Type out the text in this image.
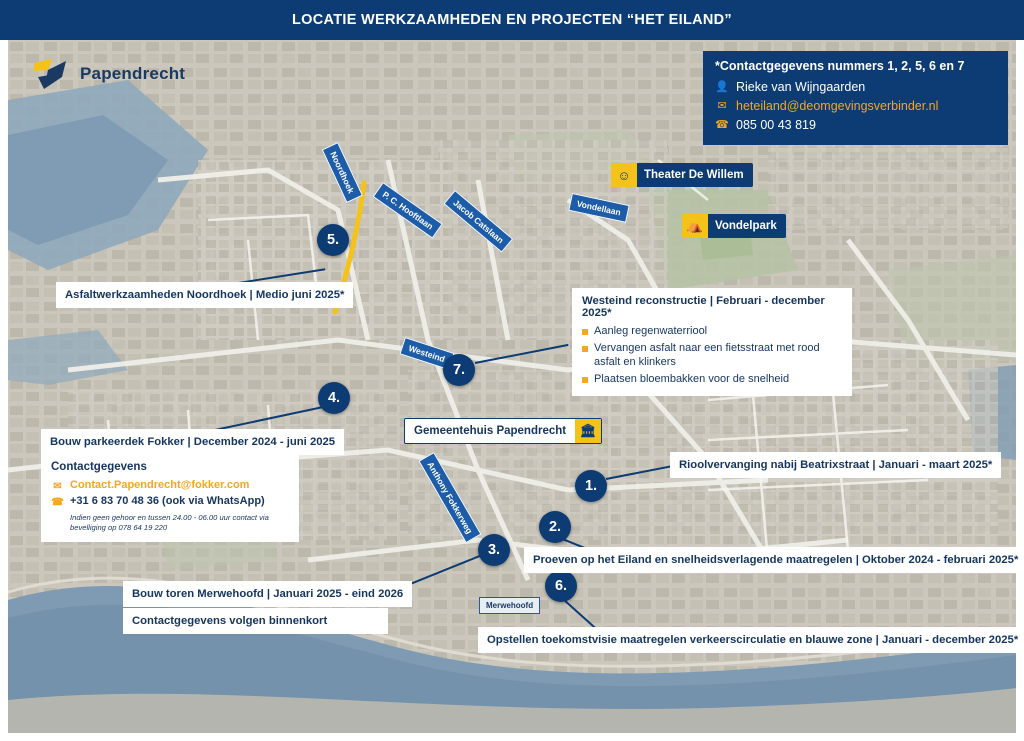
LOCATIE WERKZAAMHEDEN EN PROJECTEN “HET EILAND”
Papendrecht	*Contactgegevens nummers 1, 2, 5, 6 en 7
👤 Rieke van Wijngaarden
✉ heteiland@deomgevingsverbinder.nl
☎ 085 00 43 819
Noordhoek
P. C. Hooftlaan	Jacob Catslaan	Vondellaan
Westeind
Anthony Fokkerweg
Merwehoofd
☺	Theater De Willem
⛺	Vondelpark
Gemeentehuis Papendrecht	🏛
5.
7.
4.
1.
2.
3.
6.
Asfaltwerkzaamheden Noordhoek | Medio juni 2025*
Bouw parkeerdek Fokker | December 2024 - juni 2025
Contactgegevens
✉ Contact.Papendrecht@fokker.com
☎ +31 6 83 70 48 36 (ook via WhatsApp)
Indien geen gehoor en tussen 24.00 - 06.00 uur contact via bevelliging op 078 64 19 220
Bouw toren Merwehoofd | Januari 2025 - eind 2026
Contactgegevens volgen binnenkort
Rioolvervanging nabij Beatrixstraat | Januari - maart 2025*
Proeven op het Eiland en snelheidsverlagende maatregelen | Oktober 2024 - februari 2025*
Opstellen toekomstvisie maatregelen verkeerscirculatie en blauwe zone | Januari - december 2025*
Westeind reconstructie | Februari - december 2025*
Aanleg regenwaterriool
Vervangen asfalt naar een fietsstraat met rood asfalt en klinkers
Plaatsen bloembakken voor de snelheid
